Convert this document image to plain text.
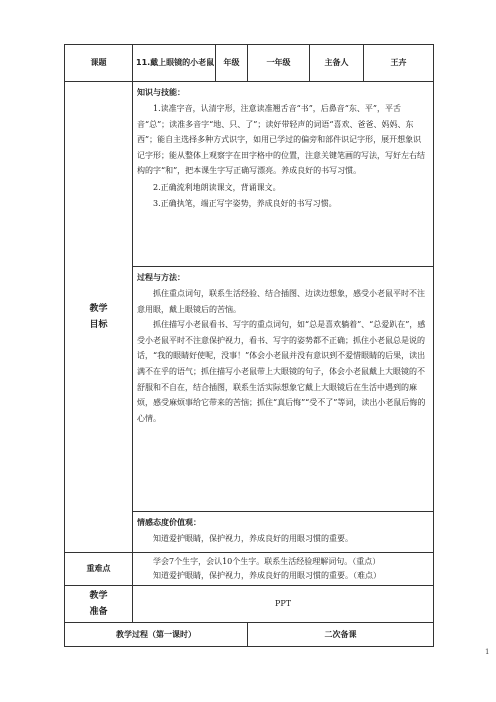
课题	11.戴上眼镜的小老鼠	年级	一年级	主备人	王卉
教学目标	知识与技能：

1.读准字音，认清字形，注意读准翘舌音“书”，后鼻音“东、平”，平舌音“总”；读准多音字“地、只、了”；读好带轻声的词语“喜欢、爸爸、妈妈、东西”；能自主选择多种方式识字，如用已学过的偏旁和部件识记字形，展开想象识记字形；能从整体上观察字在田字格中的位置，注意关键笔画的写法，写好左右结构的字“和”，把本课生字写正确写漂亮。养成良好的书写习惯。

2.正确流利地朗读课文，背诵课文。

3.正确执笔，端正写字姿势，养成良好的书写习惯。				

	过程与方法：

抓住重点词句，联系生活经验、结合插图、边读边想象，感受小老鼠平时不注意用眼，戴上眼镜后的苦恼。

抓住描写小老鼠看书、写字的重点词句，如“总是喜欢躺着”、“总爱趴在”，感受小老鼠平时不注意保护视力，看书、写字的姿势都不正确；抓住小老鼠总是说的话，“我的眼睛好使呢，没事！”体会小老鼠并没有意识到不爱惜眼睛的后果，读出满不在乎的语气；抓住描写小老鼠带上大眼镜的句子，体会小老鼠戴上大眼镜的不舒服和不自在，结合插图，联系生活实际想象它戴上大眼镜后在生活中遇到的麻烦，感受麻烦事给它带来的苦恼；抓住“真后悔”“受不了”等词，读出小老鼠后悔的心情。				

	情感态度价值观：

知道爱护眼睛，保护视力，养成良好的用眼习惯的重要。				

重难点	学会7个生字，会认10个生字。联系生活经验理解词句。（重点）

知道爱护眼睛，保护视力，养成良好的用眼习惯的重要。（难点）				

教学准备	PPT				
教学过程（第一课时）			二次备课		
1
